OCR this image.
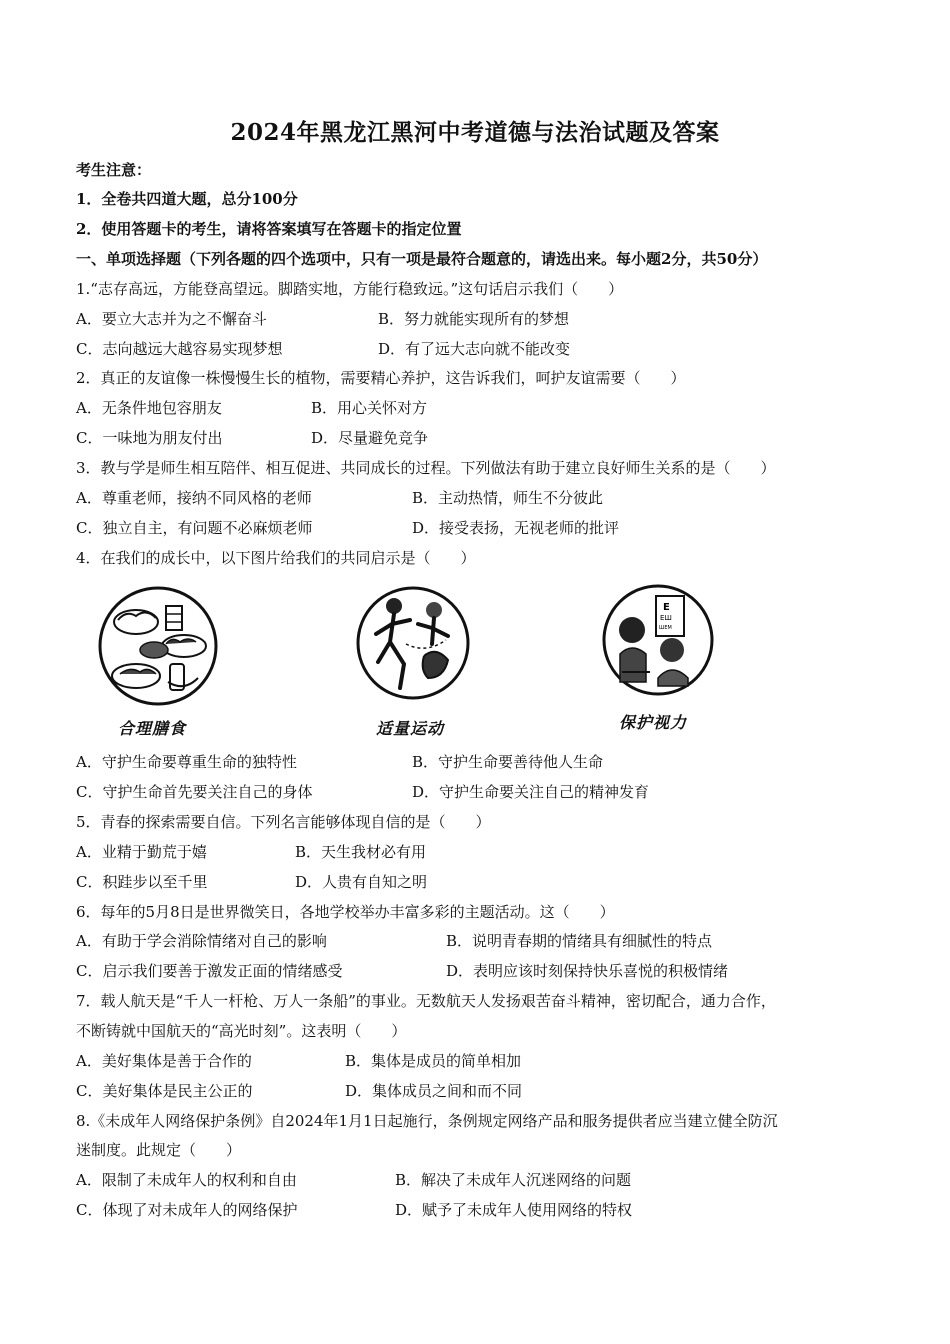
2024年黑龙江黑河中考道德与法治试题及答案
考生注意：
1．全卷共四道大题，总分100分
2．使用答题卡的考生，请将答案填写在答题卡的指定位置
一、单项选择题（下列各题的四个选项中，只有一项是最符合题意的，请选出来。每小题2分，共50分）
1.“志存高远，方能登高望远。脚踏实地，方能行稳致远。”这句话启示我们（　　）
A．要立大志并为之不懈奋斗	B．努力就能实现所有的梦想
C．志向越远大越容易实现梦想	D．有了远大志向就不能改变
2．真正的友谊像一株慢慢生长的植物，需要精心养护，这告诉我们，呵护友谊需要（　　）
A．无条件地包容朋友	B．用心关怀对方
C．一味地为朋友付出	D．尽量避免竞争
3．教与学是师生相互陪伴、相互促进、共同成长的过程。下列做法有助于建立良好师生关系的是（　　）
A．尊重老师，接纳不同风格的老师	B．主动热情，师生不分彼此
C．独立自主，有问题不必麻烦老师	D．接受表扬，无视老师的批评
4．在我们的成长中，以下图片给我们的共同启示是（　　）
合理膳食	适量运动
E
ЕШ
ШЕМ
保护视力
A．守护生命要尊重生命的独特性	B．守护生命要善待他人生命
C．守护生命首先要关注自己的身体	D．守护生命要关注自己的精神发育
5．青春的探索需要自信。下列名言能够体现自信的是（　　）
A．业精于勤荒于嬉	B．天生我材必有用
C．积跬步以至千里	D．人贵有自知之明
6．每年的5月8日是世界微笑日，各地学校举办丰富多彩的主题活动。这（　　）
A．有助于学会消除情绪对自己的影响	B．说明青春期的情绪具有细腻性的特点
C．启示我们要善于激发正面的情绪感受	D．表明应该时刻保持快乐喜悦的积极情绪
7．载人航天是“千人一杆枪、万人一条船”的事业。无数航天人发扬艰苦奋斗精神，密切配合，通力合作，
不断铸就中国航天的“高光时刻”。这表明（　　）
A．美好集体是善于合作的	B．集体是成员的简单相加
C．美好集体是民主公正的	D．集体成员之间和而不同
8.《未成年人网络保护条例》自2024年1月1日起施行，条例规定网络产品和服务提供者应当建立健全防沉
迷制度。此规定（　　）
A．限制了未成年人的权利和自由	B．解决了未成年人沉迷网络的问题
C．体现了对未成年人的网络保护	D．赋予了未成年人使用网络的特权
